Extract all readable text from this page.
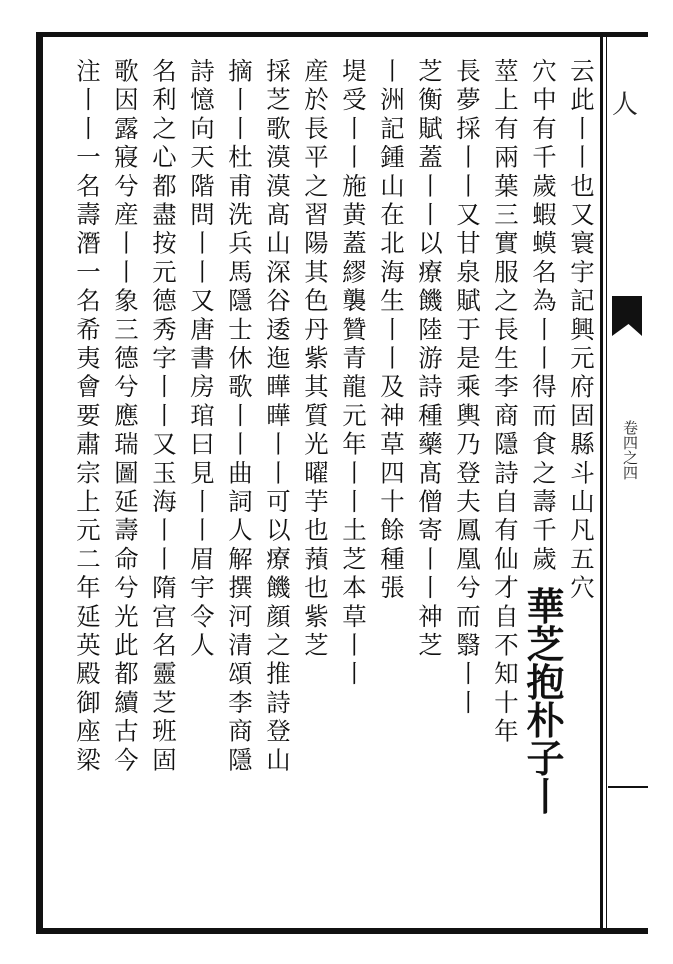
人
卷四之四
云此丨丨也又寰宇記興元府固縣斗山凡五穴
穴中有千歲蝦蟆名為丨丨得而食之壽千歲 華芝抱朴子丨
莖上有兩葉三實服之長生李商隱詩自有仙才自不知十年
長夢採丨丨又甘泉賦于是乘輿乃登夫鳳凰兮而翳丨丨
芝衡賦蓋丨丨以療饑陸游詩種藥髙僧寄丨丨神芝
丨洲記鍾山在北海生丨丨及神草四十餘種張
堤受丨丨施黄蓋繆襲贊青龍元年丨丨土芝本草丨丨
産於長平之習陽其色丹紫其質光曜芋也蕷也紫芝
採芝歌漠漠髙山深谷逶迤曄曄丨丨可以療饑顔之推詩登山
摘丨丨杜甫洗兵馬隱士休歌丨丨曲詞人解撰河清頌李商隱
詩憶向天階問丨丨又唐書房琯曰見丨丨眉宇令人
名利之心都盡按元德秀字丨丨又玉海丨丨隋宫名靈芝班固
歌因露寢兮産丨丨象三德兮應瑞圖延壽命兮光此都續古今
注丨丨一名壽潛一名希夷會要肅宗上元二年延英殿御座梁
